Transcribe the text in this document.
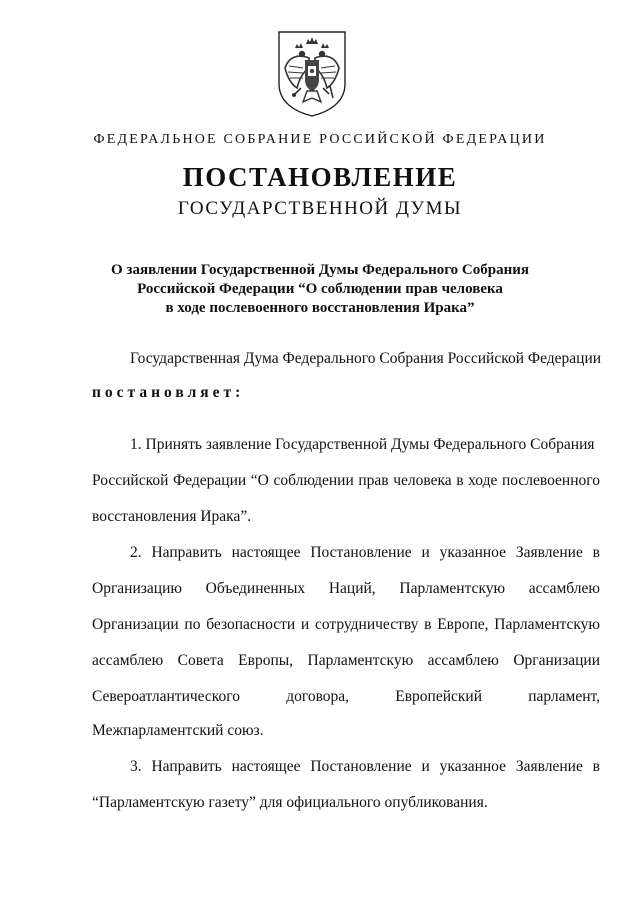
ФЕДЕРАЛЬНОЕ СОБРАНИЕ РОССИЙСКОЙ ФЕДЕРАЦИИ
ПОСТАНОВЛЕНИЕ
ГОСУДАРСТВЕННОЙ ДУМЫ
О заявлении Государственной Думы Федерального Собрания
Российской Федерации “О соблюдении прав человека
в ходе послевоенного восстановления Ирака”
Государственная Дума Федерального Собрания Российской Федерации
постановляет:
1. Принять заявление Государственной Думы Федерального Собрания
Российской Федерации “О соблюдении прав человека в ходе послевоенного
восстановления Ирака”.
2. Направить настоящее Постановление и указанное Заявление в
Организацию Объединенных Наций, Парламентскую ассамблею
Организации по безопасности и сотрудничеству в Европе, Парламентскую
ассамблею Совета Европы, Парламентскую ассамблею Организации
Североатлантического договора, Европейский парламент,
Межпарламентский союз.
3. Направить настоящее Постановление и указанное Заявление в
“Парламентскую газету” для официального опубликования.
